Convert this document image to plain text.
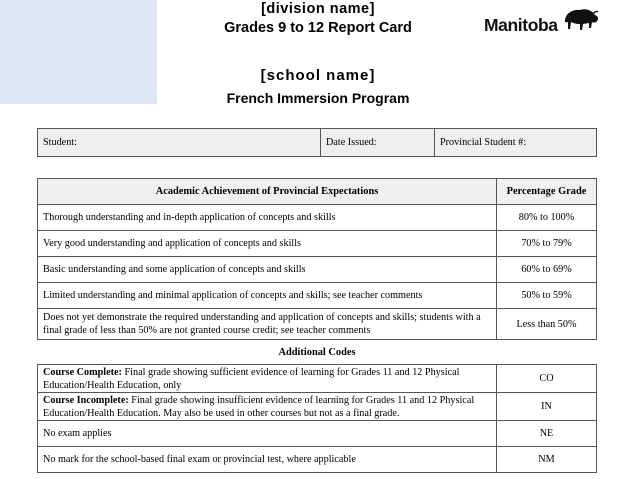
[division name]
Grades 9 to 12 Report Card
[school name]
French Immersion Program
Manitoba
Student:	Date Issued:	Provincial Student #:
Academic Achievement of Provincial Expectations	Percentage Grade
Thorough understanding and in-depth application of concepts and skills	80% to 100%
Very good understanding and application of concepts and skills	70% to 79%
Basic understanding and some application of concepts and skills	60% to 69%
Limited understanding and minimal application of concepts and skills; see teacher comments	50% to 59%
Does not yet demonstrate the required understanding and application of concepts and skills; students with a final grade of less than 50% are not granted course credit; see teacher comments	Less than 50%
Additional Codes
Course Complete: Final grade showing sufficient evidence of learning for Grades 11 and 12 Physical Education/Health Education, only	CO
Course Incomplete: Final grade showing insufficient evidence of learning for Grades 11 and 12 Physical Education/Health Education. May also be used in other courses but not as a final grade.	IN
No exam applies	NE
No mark for the school-based final exam or provincial test, where applicable	NM
